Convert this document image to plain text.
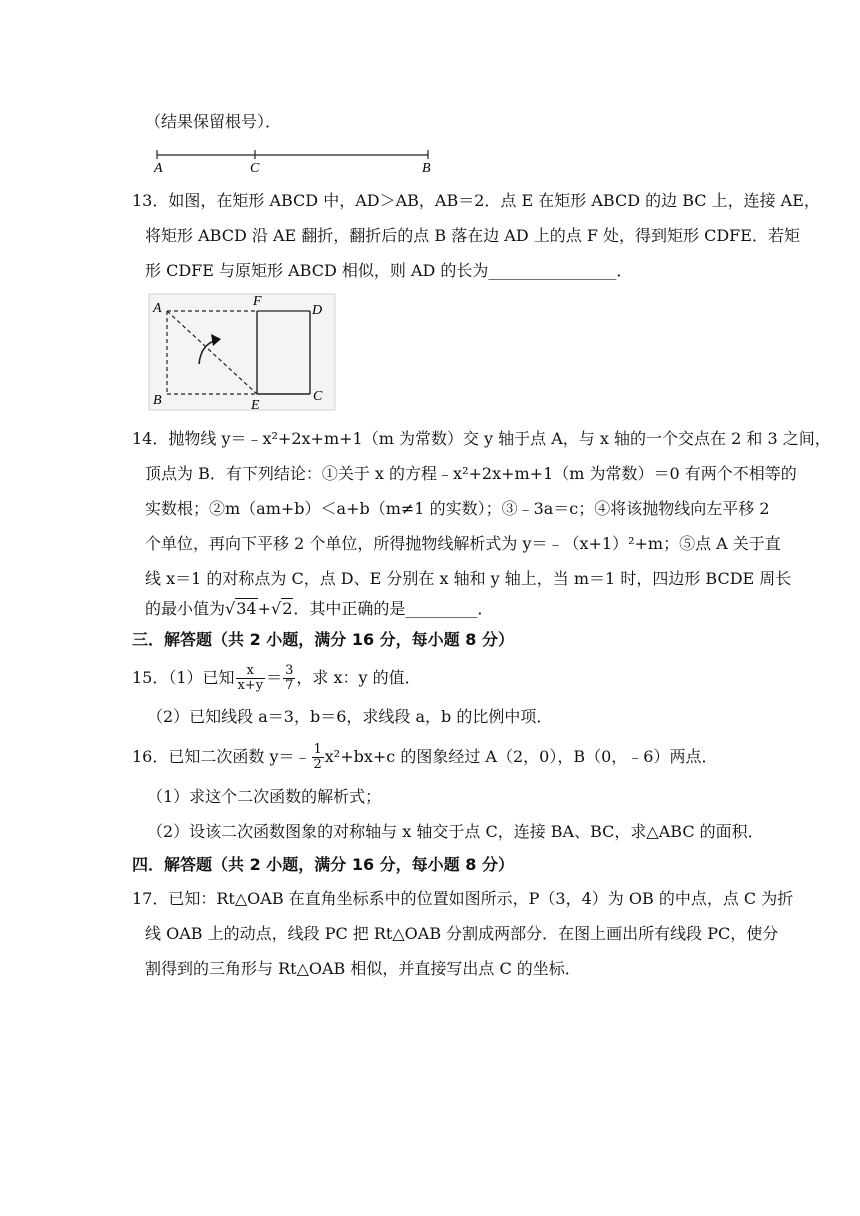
（结果保留根号）．
A	C	B
13．如图，在矩形 ABCD 中，AD＞AB，AB＝2．点 E 在矩形 ABCD 的边 BC 上，连接 AE，
将矩形 ABCD 沿 AE 翻折，翻折后的点 B 落在边 AD 上的点 F 处，得到矩形 CDFE．若矩
形 CDFE 与原矩形 ABCD 相似，则 AD 的长为________________．
A	F
D
B	E
C
14．抛物线 y＝﹣x²+2x+m+1（m 为常数）交 y 轴于点 A，与 x 轴的一个交点在 2 和 3 之间，
顶点为 B．有下列结论：①关于 x 的方程﹣x²+2x+m+1（m 为常数）＝0 有两个不相等的
实数根；②m（am+b）＜a+b（m≠1 的实数）；③﹣3a＝c；④将该抛物线向左平移 2
个单位，再向下平移 2 个单位，所得抛物线解析式为 y＝﹣（x+1）²+m；⑤点 A 关于直
线 x＝1 的对称点为 C，点 D、E 分别在 x 轴和 y 轴上，当 m＝1 时，四边形 BCDE 周长
的最小值为√34+√2．其中正确的是_________．
三．解答题（共 2 小题，满分 16 分，每小题 8 分）
15．（1）已知 $\frac{x}{x+y} = \frac{3}{7}$ ，求 x：y 的值．
（2）已知线段 a＝3，b＝6，求线段 a，b 的比例中项．
16．已知二次函数 y＝﹣ $\frac{1}{2} x^2+bx+c$ 的图象经过 A（2，0），B（0，﹣6）两点．
（1）求这个二次函数的解析式；
（2）设该二次函数图象的对称轴与 x 轴交于点 C，连接 BA、BC，求△ABC 的面积．
四．解答题（共 2 小题，满分 16 分，每小题 8 分）
17．已知：Rt△OAB 在直角坐标系中的位置如图所示，P（3，4）为 OB 的中点，点 C 为折
线 OAB 上的动点，线段 PC 把 Rt△OAB 分割成两部分．在图上画出所有线段 PC，使分
割得到的三角形与 Rt△OAB 相似，并直接写出点 C 的坐标．
